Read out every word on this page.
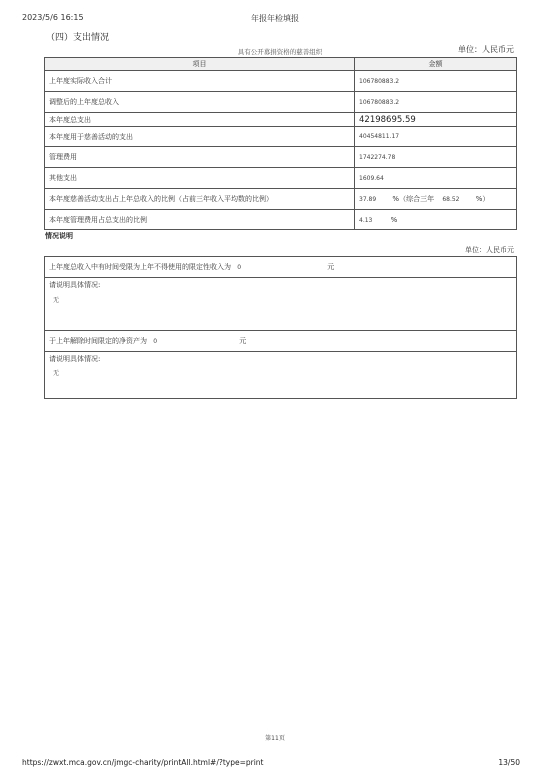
2023/5/6 16:15	年报年检填报
（四）支出情况
具有公开募捐资格的慈善组织	单位：人民币元
项目	金额
上年度实际收入合计	106780883.2
调整后的上年度总收入	106780883.2
本年度总支出	42198695.59
本年度用于慈善活动的支出	40454811.17
管理费用	1742274.78
其他支出	1609.64
本年度慈善活动支出占上年总收入的比例（占前三年收入平均数的比例）	37.89 %（综合三年 68.52 %）
本年度管理费用占总支出的比例	4.13 %
情况说明
单位：人民币元
上年度总收入中有时间受限为上年不得使用的限定性收入为 0	元

请说明具体情况:
无

于上年解除时间限定的净资产为 0	元

请说明具体情况:
无
第11页
https://zwxt.mca.gov.cn/jmgc-charity/printAll.html#/?type=print	13/50
